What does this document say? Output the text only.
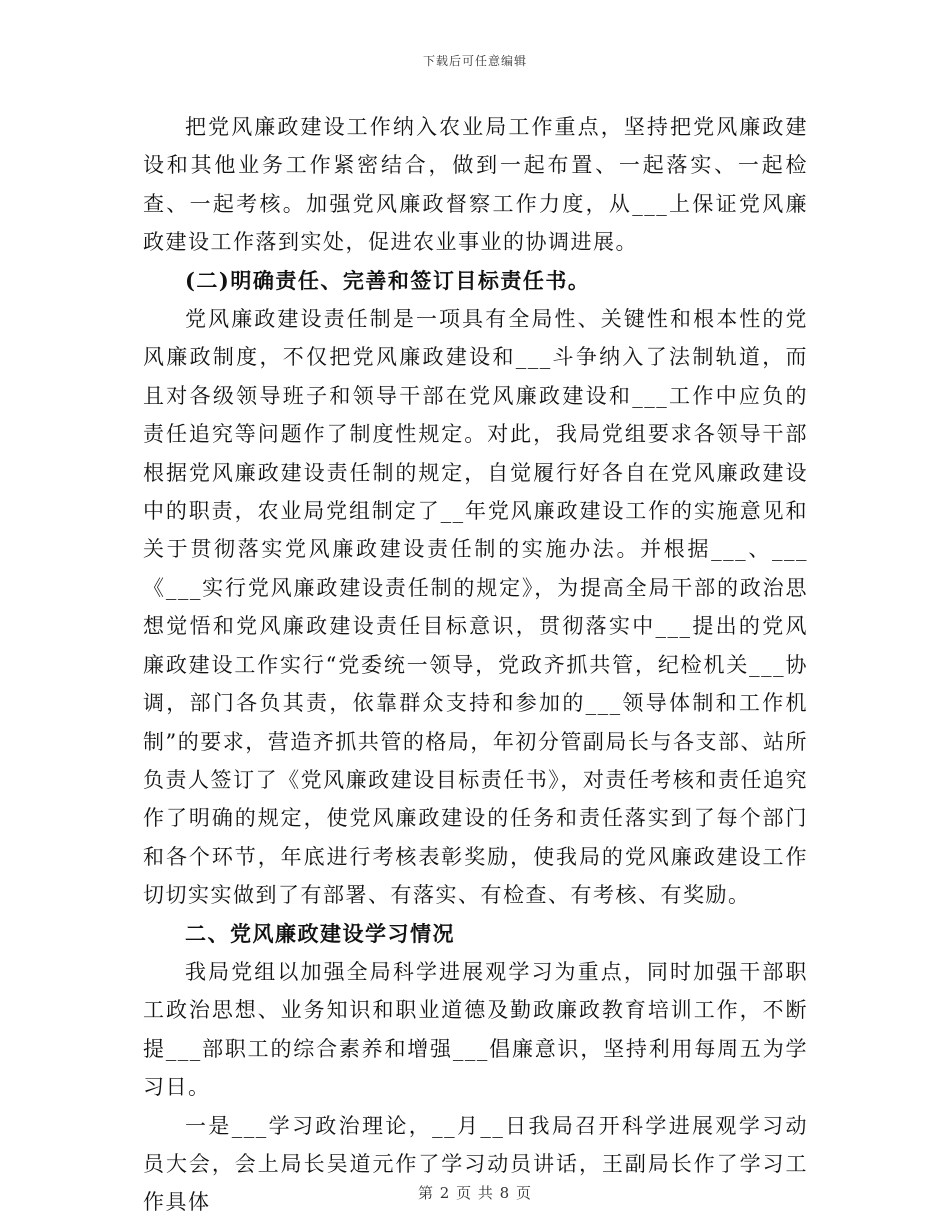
下载后可任意编辑

把党风廉政建设工作纳入农业局工作重点，坚持把党风廉政建设和其他业务工作紧密结合，做到一起布置、一起落实、一起检查、一起考核。加强党风廉政督察工作力度，从___上保证党风廉政建设工作落到实处，促进农业事业的协调进展。

(二)明确责任、完善和签订目标责任书。

党风廉政建设责任制是一项具有全局性、关键性和根本性的党风廉政制度，不仅把党风廉政建设和___斗争纳入了法制轨道，而且对各级领导班子和领导干部在党风廉政建设和___工作中应负的责任追究等问题作了制度性规定。对此，我局党组要求各领导干部根据党风廉政建设责任制的规定，自觉履行好各自在党风廉政建设中的职责，农业局党组制定了__年党风廉政建设工作的实施意见和关于贯彻落实党风廉政建设责任制的实施办法。并根据___、___《___实行党风廉政建设责任制的规定》，为提高全局干部的政治思想觉悟和党风廉政建设责任目标意识，贯彻落实中___提出的党风廉政建设工作实行“党委统一领导，党政齐抓共管，纪检机关___协调，部门各负其责，依靠群众支持和参加的___领导体制和工作机制”的要求，营造齐抓共管的格局，年初分管副局长与各支部、站所负责人签订了《党风廉政建设目标责任书》，对责任考核和责任追究作了明确的规定，使党风廉政建设的任务和责任落实到了每个部门和各个环节，年底进行考核表彰奖励，使我局的党风廉政建设工作切切实实做到了有部署、有落实、有检查、有考核、有奖励。

二、党风廉政建设学习情况

我局党组以加强全局科学进展观学习为重点，同时加强干部职工政治思想、业务知识和职业道德及勤政廉政教育培训工作，不断提___部职工的综合素养和增强___倡廉意识，坚持利用每周五为学习日。

一是___学习政治理论，__月__日我局召开科学进展观学习动员大会，会上局长吴道元作了学习动员讲话，王副局长作了学习工作具体	第 2 页 共 8 页
